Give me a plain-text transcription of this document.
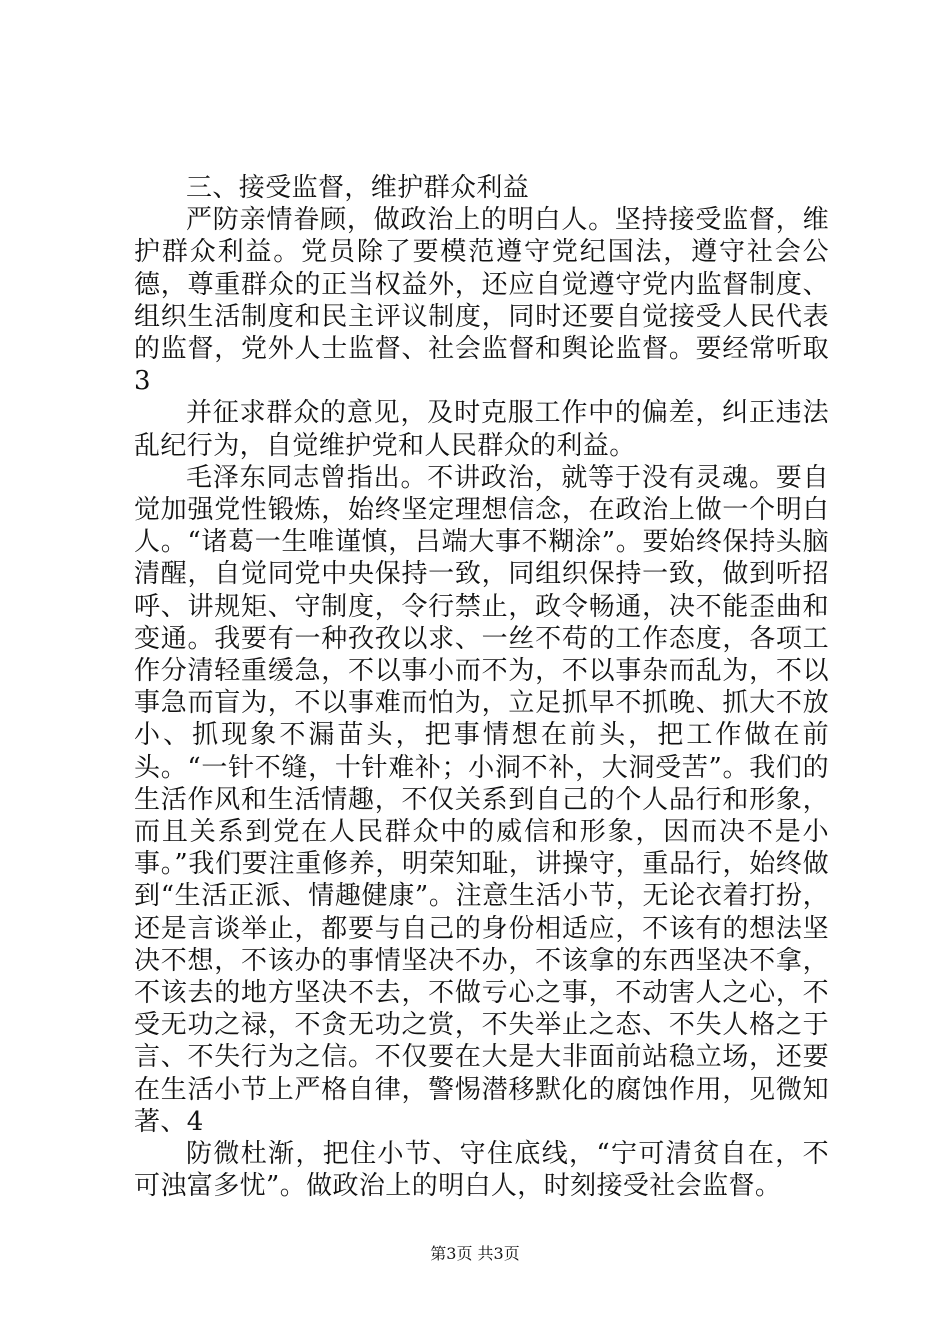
三、接受监督，维护群众利益

严防亲情眷顾，做政治上的明白人。坚持接受监督，维护群众利益。党员除了要模范遵守党纪国法，遵守社会公德，尊重群众的正当权益外，还应自觉遵守党内监督制度、组织生活制度和民主评议制度，同时还要自觉接受人民代表的监督，党外人士监督、社会监督和舆论监督。要经常听取3

并征求群众的意见，及时克服工作中的偏差，纠正违法乱纪行为，自觉维护党和人民群众的利益。

毛泽东同志曾指出。不讲政治，就等于没有灵魂。要自觉加强党性锻炼，始终坚定理想信念，在政治上做一个明白人。“诸葛一生唯谨慎，吕端大事不糊涂”。要始终保持头脑清醒，自觉同党中央保持一致，同组织保持一致，做到听招呼、讲规矩、守制度，令行禁止，政令畅通，决不能歪曲和变通。我要有一种孜孜以求、一丝不苟的工作态度，各项工作分清轻重缓急，不以事小而不为，不以事杂而乱为，不以事急而盲为，不以事难而怕为，立足抓早不抓晚、抓大不放小、抓现象不漏苗头，把事情想在前头，把工作做在前头。“一针不缝，十针难补；小洞不补，大洞受苦”。我们的生活作风和生活情趣，不仅关系到自己的个人品行和形象，而且关系到党在人民群众中的威信和形象，因而决不是小事。”我们要注重修养，明荣知耻，讲操守，重品行，始终做到“生活正派、情趣健康”。注意生活小节，无论衣着打扮，还是言谈举止，都要与自己的身份相适应，不该有的想法坚决不想，不该办的事情坚决不办，不该拿的东西坚决不拿，不该去的地方坚决不去，不做亏心之事，不动害人之心，不受无功之禄，不贪无功之赏，不失举止之态、不失人格之于言、不失行为之信。不仅要在大是大非面前站稳立场，还要在生活小节上严格自律，警惕潜移默化的腐蚀作用，见微知著、4

防微杜渐，把住小节、守住底线，“宁可清贫自在，不可浊富多忧”。做政治上的明白人，时刻接受社会监督。

第3页 共3页
